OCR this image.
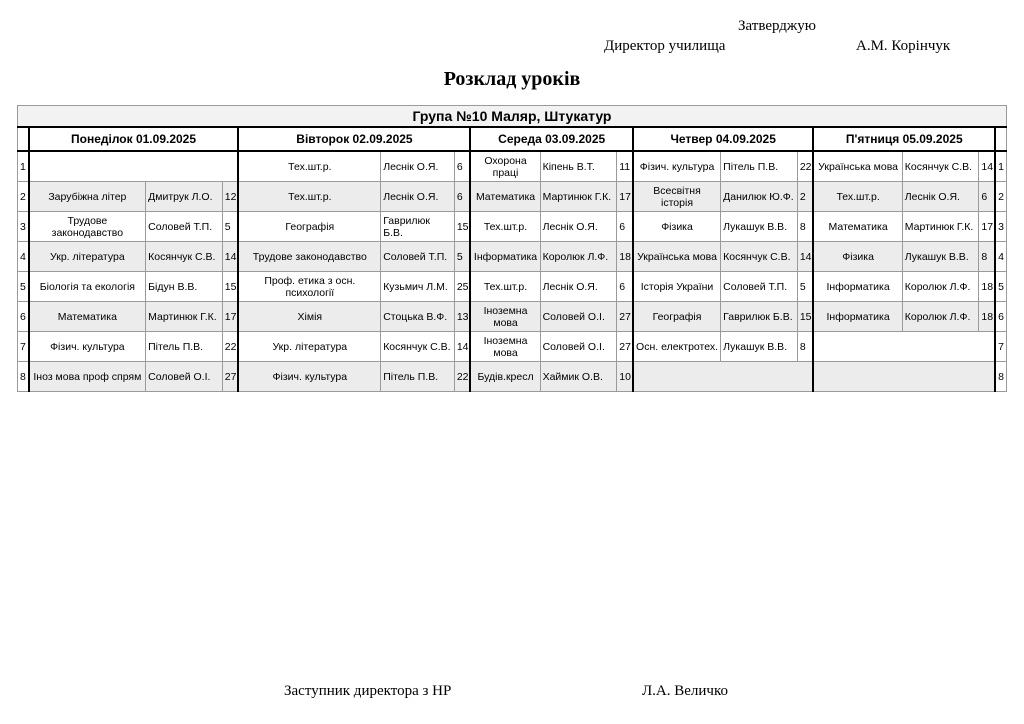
Затверджую
Директор училища	А.М. Корінчук
Розклад уроків
Група №10 Маляр, Штукатур																
	Понеділок 01.09.2025			Вівторок 02.09.2025			Середа 03.09.2025			Четвер 04.09.2025			П'ятниця 05.09.2025			
1				Тех.шт.р.	Леснік О.Я.	6	Охорона праці	Кіпень В.Т.	11	Фізич. культура	Пітель П.В.	22	Українська мова	Косянчук С.В.	14	1
2	Зарубіжна літер	Дмитрук Л.О.	12	Тех.шт.р.	Леснік О.Я.	6	Математика	Мартинюк Г.К.	17	Всесвітня історія	Данилюк Ю.Ф.	2	Тех.шт.р.	Леснік О.Я.	6	2
3	Трудове законодавство	Соловей Т.П.	5	Географія	Гаврилюк Б.В.	15	Тех.шт.р.	Леснік О.Я.	6	Фізика	Лукашук В.В.	8	Математика	Мартинюк Г.К.	17	3
4	Укр. література	Косянчук С.В.	14	Трудове законодавство	Соловей Т.П.	5	Інформатика	Королюк Л.Ф.	18	Українська мова	Косянчук С.В.	14	Фізика	Лукашук В.В.	8	4
5	Біологія та екологія	Бідун В.В.	15	Проф. етика з осн. психології	Кузьмич Л.М.	25	Тех.шт.р.	Леснік О.Я.	6	Історія України	Соловей Т.П.	5	Інформатика	Королюк Л.Ф.	18	5
6	Математика	Мартинюк Г.К.	17	Хімія	Стоцька В.Ф.	13	Іноземна мова	Соловей О.І.	27	Географія	Гаврилюк Б.В.	15	Інформатика	Королюк Л.Ф.	18	6
7	Фізич. культура	Пітель П.В.	22	Укр. література	Косянчук С.В.	14	Іноземна мова	Соловей О.І.	27	Осн. електротех.	Лукашук В.В.	8				7
8	Іноз мова проф спрям	Соловей О.І.	27	Фізич. культура	Пітель П.В.	22	Будів.кресл	Хаймик О.В.	10							8
Заступник директора з НР	Л.А. Величко
